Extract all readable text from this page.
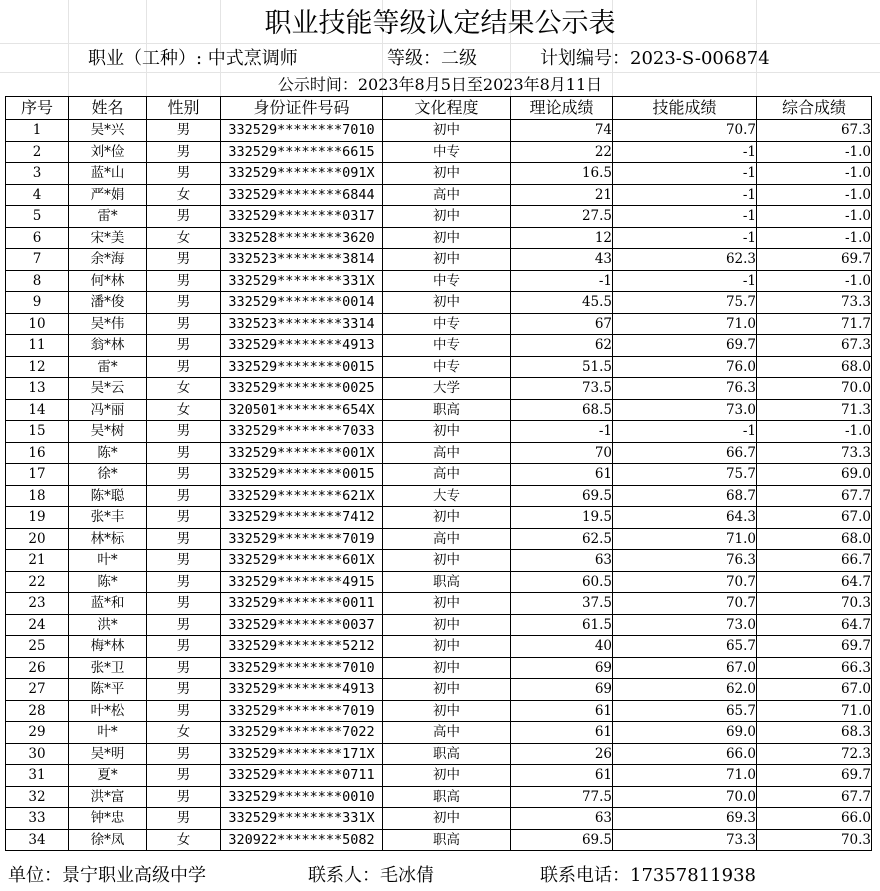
职业技能等级认定结果公示表
职业（工种）: 中式烹调师	等级：二级	计划编号：2023-S-006874
公示时间：2023年8月5日至2023年8月11日
序号	姓名	性别	身份证件号码	文化程度	理论成绩	技能成绩	综合成绩
1	吴*兴	男	332529********7010	初中	74	70.7	67.3
2	刘*俭	男	332529********6615	中专	22	-1	-1.0
3	蓝*山	男	332529********091X	初中	16.5	-1	-1.0
4	严*娟	女	332529********6844	高中	21	-1	-1.0
5	雷*	男	332529********0317	初中	27.5	-1	-1.0
6	宋*美	女	332528********3620	初中	12	-1	-1.0
7	余*海	男	332523********3814	初中	43	62.3	69.7
8	何*林	男	332529********331X	中专	-1	-1	-1.0
9	潘*俊	男	332529********0014	初中	45.5	75.7	73.3
10	吴*伟	男	332523********3314	中专	67	71.0	71.7
11	翁*林	男	332529********4913	中专	62	69.7	67.3
12	雷*	男	332529********0015	中专	51.5	76.0	68.0
13	吴*云	女	332529********0025	大学	73.5	76.3	70.0
14	冯*丽	女	320501********654X	职高	68.5	73.0	71.3
15	吴*树	男	332529********7033	初中	-1	-1	-1.0
16	陈*	男	332529********001X	高中	70	66.7	73.3
17	徐*	男	332529********0015	高中	61	75.7	69.0
18	陈*聪	男	332529********621X	大专	69.5	68.7	67.7
19	张*丰	男	332529********7412	初中	19.5	64.3	67.0
20	林*标	男	332529********7019	高中	62.5	71.0	68.0
21	叶*	男	332529********601X	初中	63	76.3	66.7
22	陈*	男	332529********4915	职高	60.5	70.7	64.7
23	蓝*和	男	332529********0011	初中	37.5	70.7	70.3
24	洪*	男	332529********0037	初中	61.5	73.0	64.7
25	梅*林	男	332529********5212	初中	40	65.7	69.7
26	张*卫	男	332529********7010	初中	69	67.0	66.3
27	陈*平	男	332529********4913	初中	69	62.0	67.0
28	叶*松	男	332529********7019	初中	61	65.7	71.0
29	叶*	女	332529********7022	高中	61	69.0	68.3
30	吴*明	男	332529********171X	职高	26	66.0	72.3
31	夏*	男	332529********0711	初中	61	71.0	69.7
32	洪*富	男	332529********0010	职高	77.5	70.0	67.7
33	钟*忠	男	332529********331X	初中	63	69.3	66.0
34	徐*凤	女	320922********5082	职高	69.5	73.3	70.3
单位：景宁职业高级中学	联系人：毛冰倩	联系电话：17357811938
